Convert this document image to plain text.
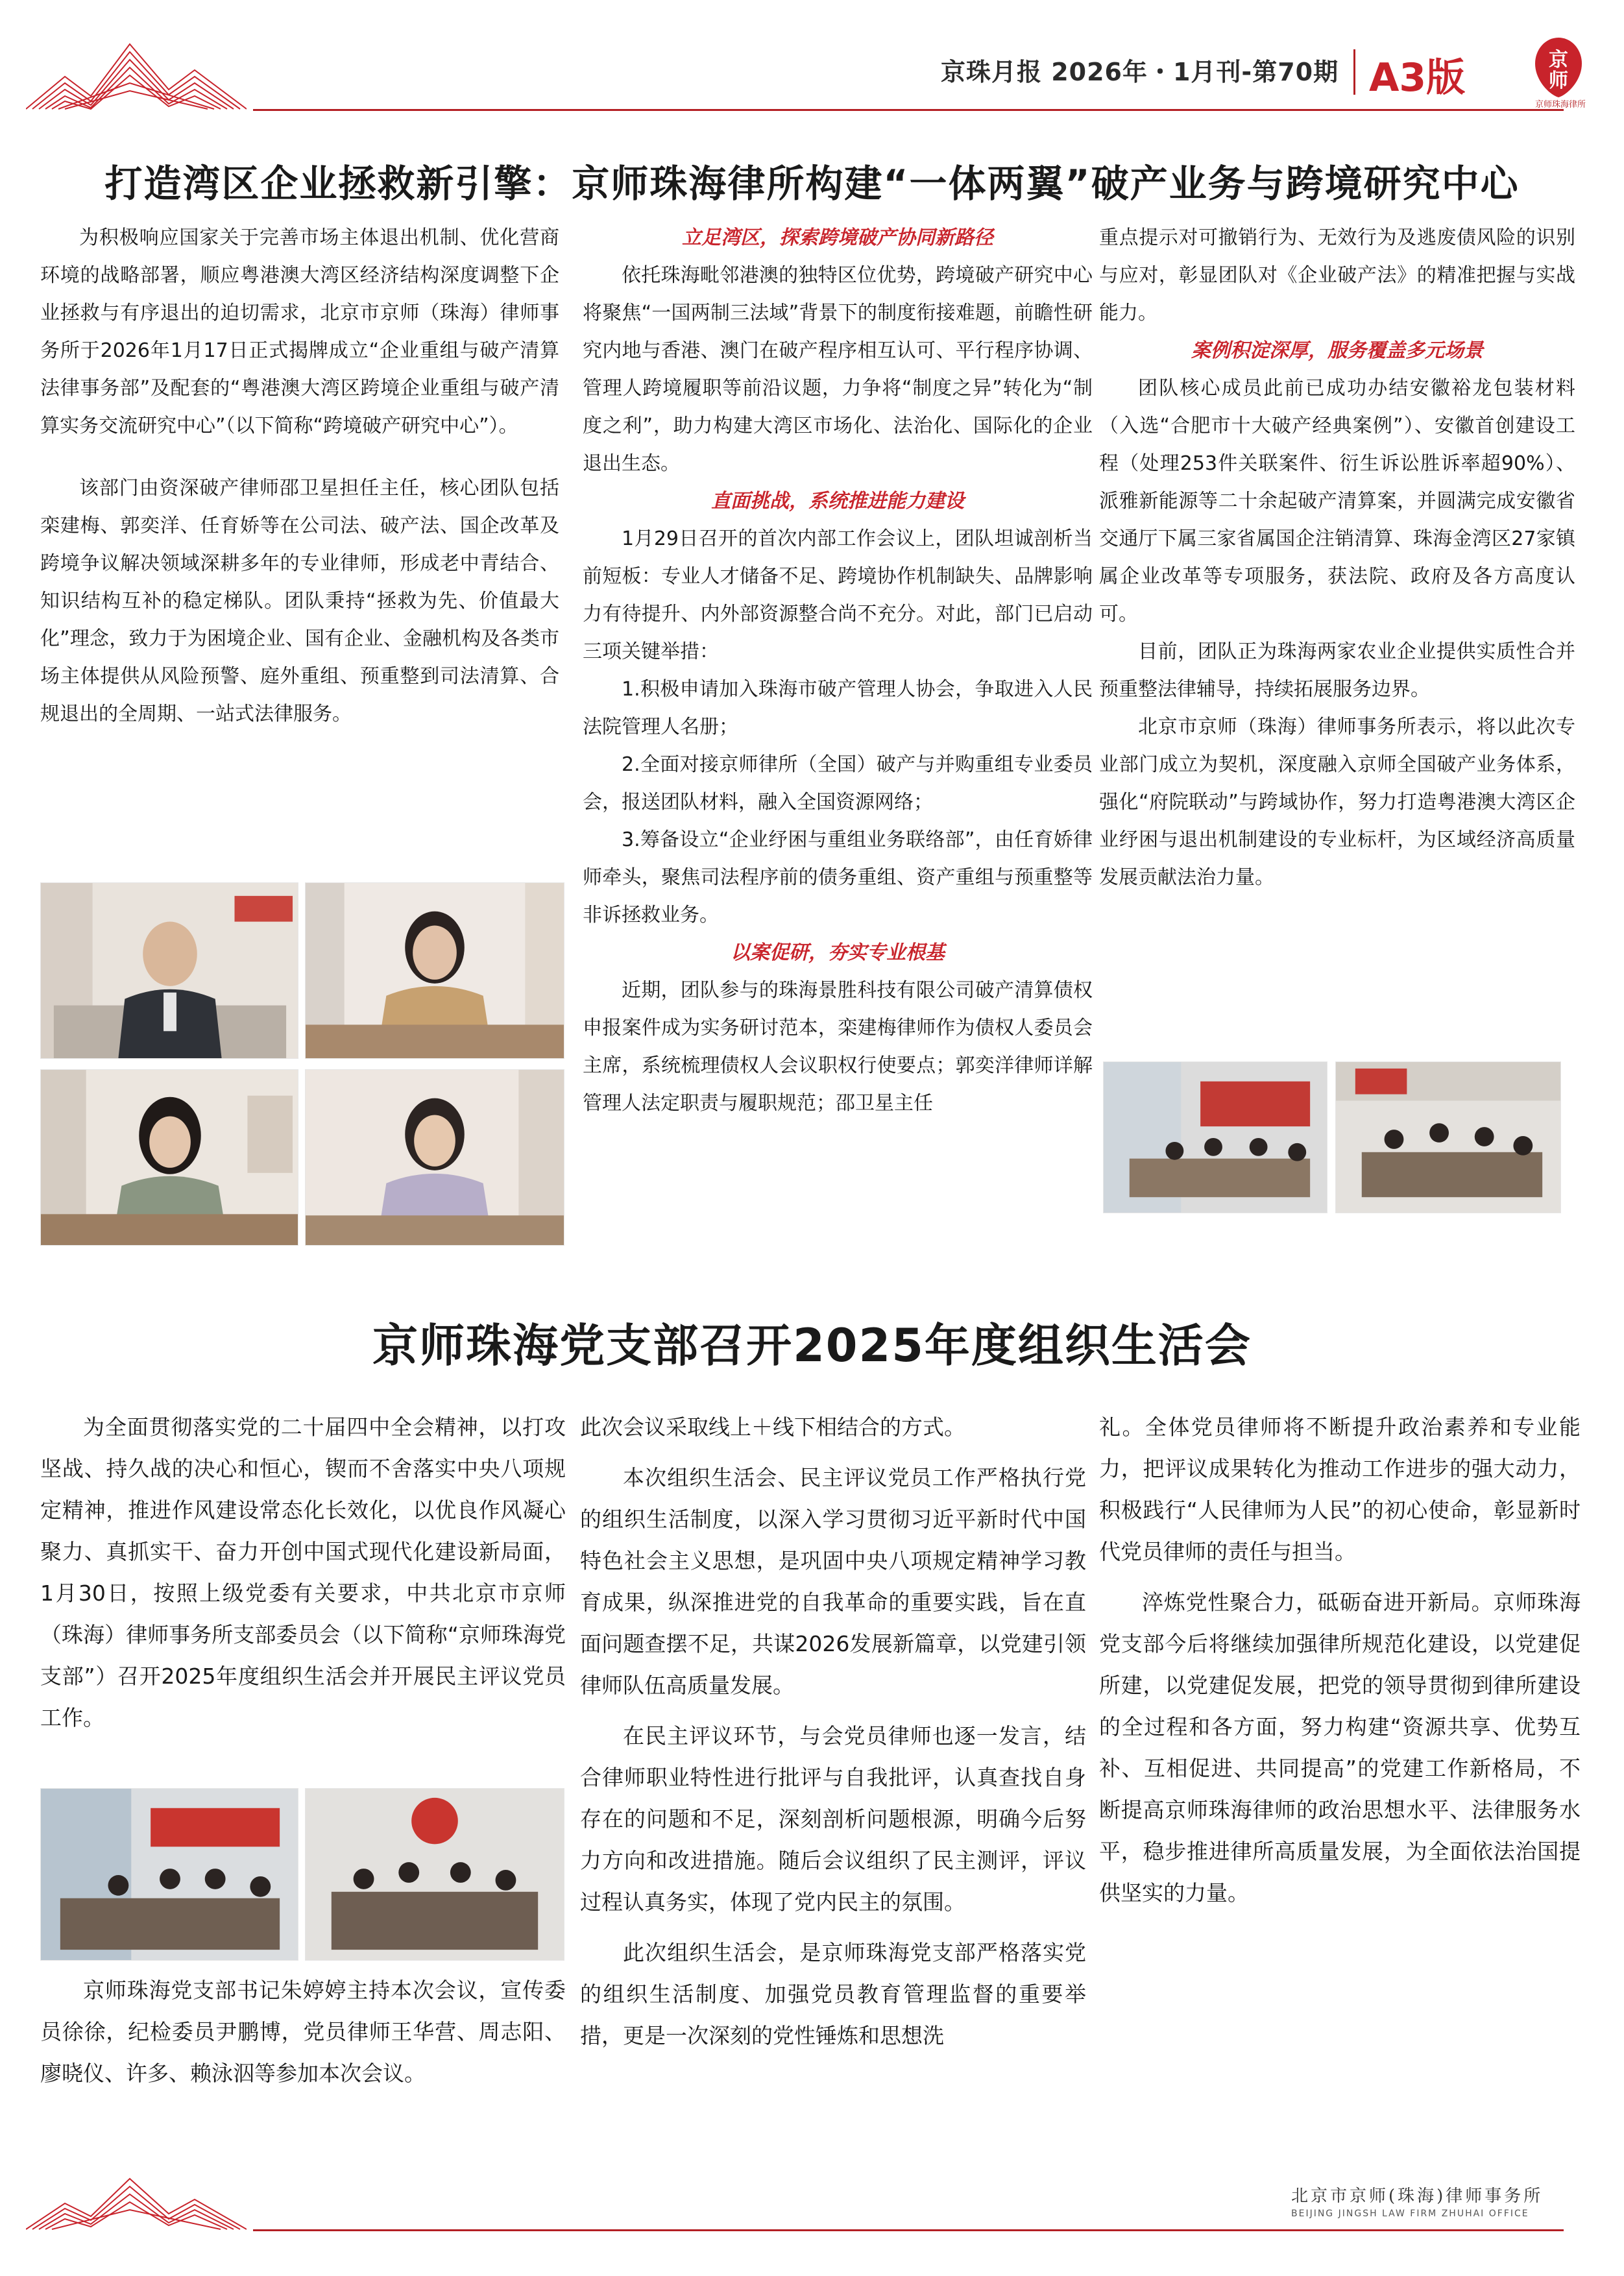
京珠月报 2026年・1月刊-第70期 A3版	京
师
京师珠海律所
打造湾区企业拯救新引擎：京师珠海律所构建“一体两翼”破产业务与跨境研究中心

为积极响应国家关于完善市场主体退出机制、优化营商环境的战略部署，顺应粤港澳大湾区经济结构深度调整下企业拯救与有序退出的迫切需求，北京市京师（珠海）律师事务所于2026年1月17日正式揭牌成立“企业重组与破产清算法律事务部”及配套的“粤港澳大湾区跨境企业重组与破产清算实务交流研究中心”（以下简称“跨境破产研究中心”）。

该部门由资深破产律师邵卫星担任主任，核心团队包括栾建梅、郭奕洋、任育娇等在公司法、破产法、国企改革及跨境争议解决领域深耕多年的专业律师，形成老中青结合、知识结构互补的稳定梯队。团队秉持“拯救为先、价值最大化”理念，致力于为困境企业、国有企业、金融机构及各类市场主体提供从风险预警、庭外重组、预重整到司法清算、合规退出的全周期、一站式法律服务。

立足湾区，探索跨境破产协同新路径

依托珠海毗邻港澳的独特区位优势，跨境破产研究中心将聚焦“一国两制三法域”背景下的制度衔接难题，前瞻性研究内地与香港、澳门在破产程序相互认可、平行程序协调、管理人跨境履职等前沿议题，力争将“制度之异”转化为“制度之利”，助力构建大湾区市场化、法治化、国际化的企业退出生态。

直面挑战，系统推进能力建设

1月29日召开的首次内部工作会议上，团队坦诚剖析当前短板：专业人才储备不足、跨境协作机制缺失、品牌影响力有待提升、内外部资源整合尚不充分。对此，部门已启动三项关键举措：

1.积极申请加入珠海市破产管理人协会，争取进入人民法院管理人名册；

2.全面对接京师律所（全国）破产与并购重组专业委员会，报送团队材料，融入全国资源网络；

3.筹备设立“企业纾困与重组业务联络部”，由任育娇律师牵头，聚焦司法程序前的债务重组、资产重组与预重整等非诉拯救业务。

以案促研，夯实专业根基

近期，团队参与的珠海景胜科技有限公司破产清算债权申报案件成为实务研讨范本，栾建梅律师作为债权人委员会主席，系统梳理债权人会议职权行使要点；郭奕洋律师详解管理人法定职责与履职规范；邵卫星主任

重点提示对可撤销行为、无效行为及逃废债风险的识别与应对，彰显团队对《企业破产法》的精准把握与实战能力。

案例积淀深厚，服务覆盖多元场景

团队核心成员此前已成功办结安徽裕龙包装材料（入选“合肥市十大破产经典案例”）、安徽首创建设工程（处理253件关联案件、衍生诉讼胜诉率超90%）、派雅新能源等二十余起破产清算案，并圆满完成安徽省交通厅下属三家省属国企注销清算、珠海金湾区27家镇属企业改革等专项服务，获法院、政府及各方高度认可。

目前，团队正为珠海两家农业企业提供实质性合并预重整法律辅导，持续拓展服务边界。

北京市京师（珠海）律师事务所表示，将以此次专业部门成立为契机，深度融入京师全国破产业务体系，强化“府院联动”与跨域协作，努力打造粤港澳大湾区企业纾困与退出机制建设的专业标杆，为区域经济高质量发展贡献法治力量。

京师珠海党支部召开2025年度组织生活会

为全面贯彻落实党的二十届四中全会精神，以打攻坚战、持久战的决心和恒心，锲而不舍落实中央八项规定精神，推进作风建设常态化长效化，以优良作风凝心聚力、真抓实干、奋力开创中国式现代化建设新局面，1月30日，按照上级党委有关要求，中共北京市京师（珠海）律师事务所支部委员会（以下简称“京师珠海党支部”）召开2025年度组织生活会并开展民主评议党员工作。

京师珠海党支部书记朱婷婷主持本次会议，宣传委员徐徐，纪检委员尹鹏博，党员律师王华营、周志阳、廖晓仪、许多、赖泳泅等参加本次会议。

此次会议采取线上＋线下相结合的方式。

本次组织生活会、民主评议党员工作严格执行党的组织生活制度，以深入学习贯彻习近平新时代中国特色社会主义思想，是巩固中央八项规定精神学习教育成果，纵深推进党的自我革命的重要实践，旨在直面问题查摆不足，共谋2026发展新篇章，以党建引领律师队伍高质量发展。

在民主评议环节，与会党员律师也逐一发言，结合律师职业特性进行批评与自我批评，认真查找自身存在的问题和不足，深刻剖析问题根源，明确今后努力方向和改进措施。随后会议组织了民主测评，评议过程认真务实，体现了党内民主的氛围。

此次组织生活会，是京师珠海党支部严格落实党的组织生活制度、加强党员教育管理监督的重要举措，更是一次深刻的党性锤炼和思想洗

礼。全体党员律师将不断提升政治素养和专业能力，把评议成果转化为推动工作进步的强大动力，积极践行“人民律师为人民”的初心使命，彰显新时代党员律师的责任与担当。

淬炼党性聚合力，砥砺奋进开新局。京师珠海党支部今后将继续加强律所规范化建设，以党建促所建，以党建促发展，把党的领导贯彻到律所建设的全过程和各方面，努力构建“资源共享、优势互补、互相促进、共同提高”的党建工作新格局，不断提高京师珠海律师的政治思想水平、法律服务水平，稳步推进律所高质量发展，为全面依法治国提供坚实的力量。

北京市京师(珠海)律师事务所
BEIJING JINGSH LAW FIRM ZHUHAI OFFICE
